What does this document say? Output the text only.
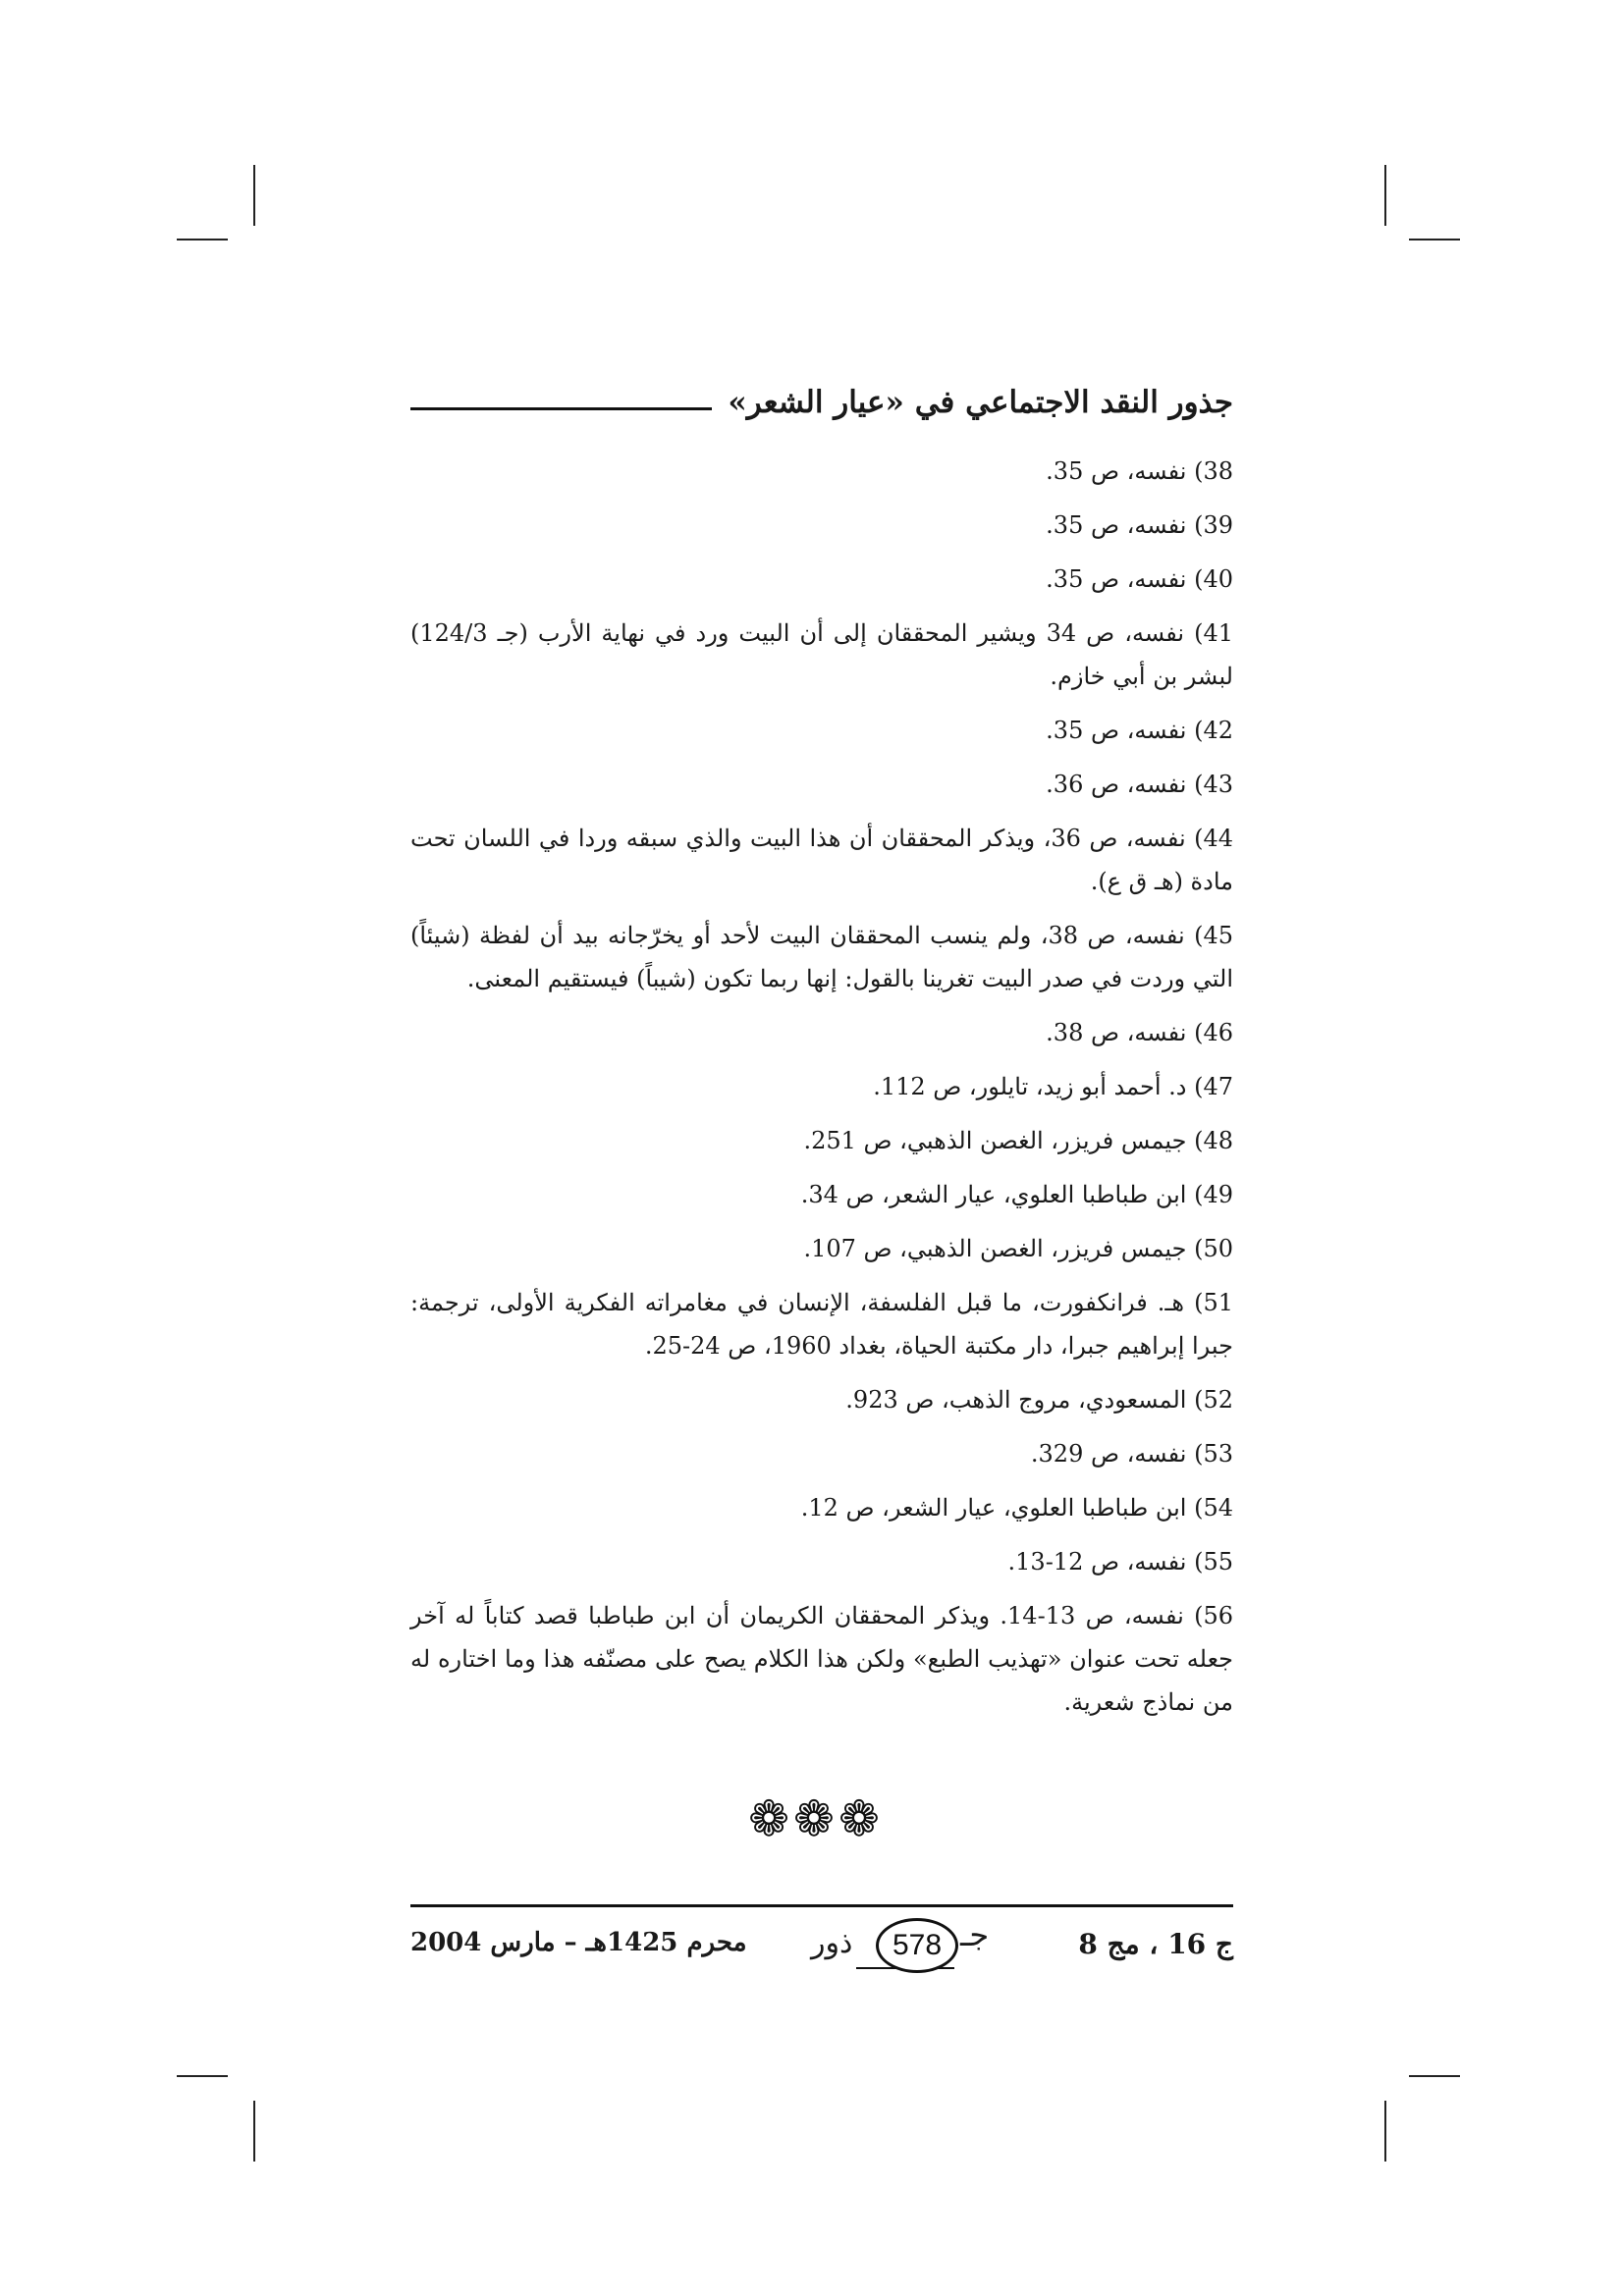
جذور النقد الاجتماعي في «عيار الشعر»

38) نفسه، ص 35.

39) نفسه، ص 35.

40) نفسه، ص 35.

41) نفسه، ص 34 ويشير المحققان إلى أن البيت ورد في نهاية الأرب (جـ 124/3) لبشر بن أبي خازم.

42) نفسه، ص 35.

43) نفسه، ص 36.

44) نفسه، ص 36، ويذكر المحققان أن هذا البيت والذي سبقه وردا في اللسان تحت مادة (هـ ق ع).

45) نفسه، ص 38، ولم ينسب المحققان البيت لأحد أو يخرّجانه بيد أن لفظة (شيئاً) التي وردت في صدر البيت تغرينا بالقول: إنها ربما تكون (شيباً) فيستقيم المعنى.

46) نفسه، ص 38.

47) د. أحمد أبو زيد، تايلور، ص 112.

48) جيمس فريزر، الغصن الذهبي، ص 251.

49) ابن طباطبا العلوي، عيار الشعر، ص 34.

50) جيمس فريزر، الغصن الذهبي، ص 107.

51) هـ. فرانكفورت، ما قبل الفلسفة، الإنسان في مغامراته الفكرية الأولى، ترجمة: جبرا إبراهيم جبرا، دار مكتبة الحياة، بغداد 1960، ص 24-25.

52) المسعودي، مروج الذهب، ص 923.

53) نفسه، ص 329.

54) ابن طباطبا العلوي، عيار الشعر، ص 12.

55) نفسه، ص 12-13.

56) نفسه، ص 13-14. ويذكر المحققان الكريمان أن ابن طباطبا قصد كتاباً له آخر جعله تحت عنوان «تهذيب الطبع» ولكن هذا الكلام يصح على مصنّفه هذا وما اختاره له من نماذج شعرية.

❁❁❁
ج 16 ، مج 8
ذور	578 جـ
محرم 1425هـ – مارس 2004
